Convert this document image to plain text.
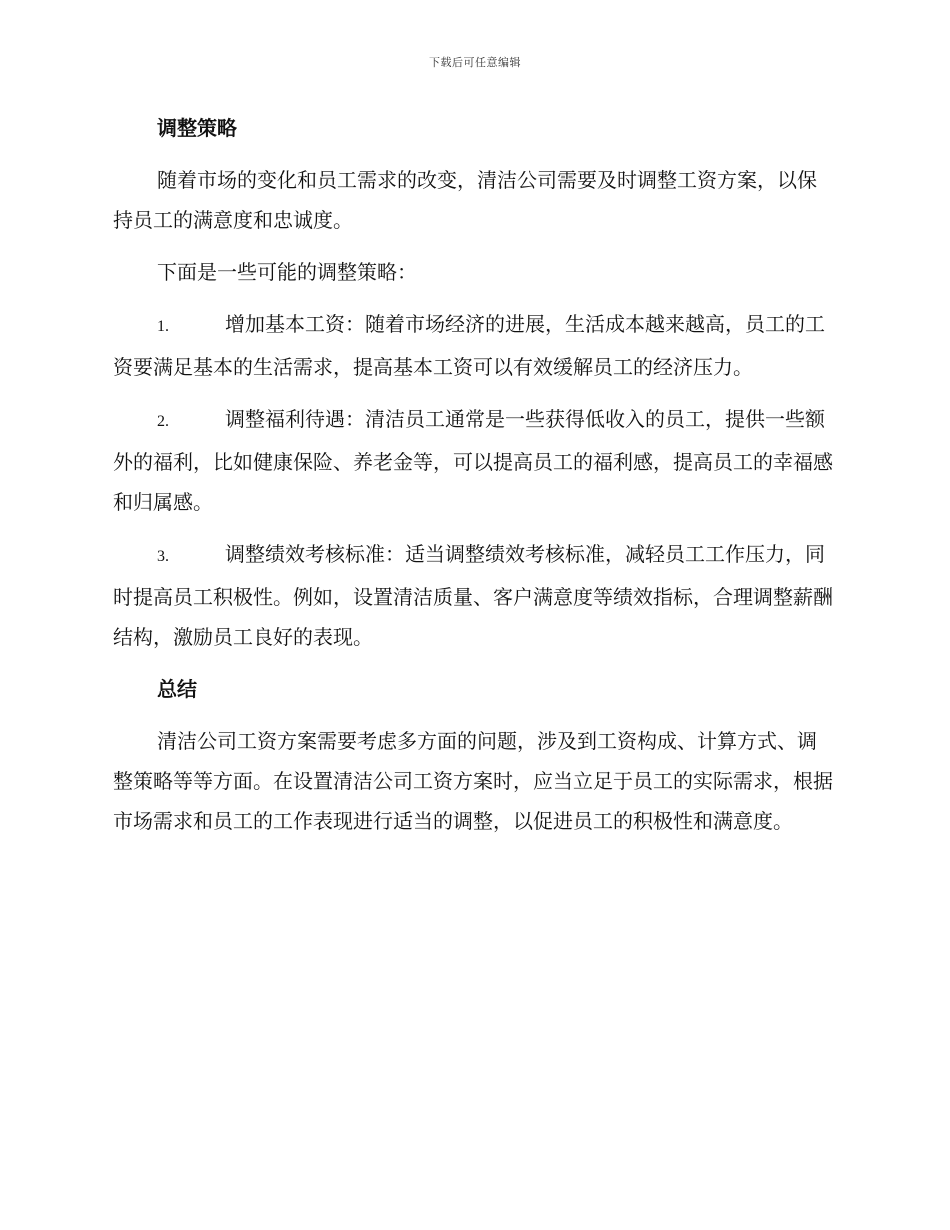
下载后可任意编辑
调整策略

随着市场的变化和员工需求的改变，清洁公司需要及时调整工资方案，以保持员工的满意度和忠诚度。

下面是一些可能的调整策略：

1.	增加基本工资：随着市场经济的进展，生活成本越来越高，员工的工资要满足基本的生活需求，提高基本工资可以有效缓解员工的经济压力。

2.	调整福利待遇：清洁员工通常是一些获得低收入的员工，提供一些额外的福利，比如健康保险、养老金等，可以提高员工的福利感，提高员工的幸福感和归属感。

3.	调整绩效考核标准：适当调整绩效考核标准，减轻员工工作压力，同时提高员工积极性。例如，设置清洁质量、客户满意度等绩效指标，合理调整薪酬结构，激励员工良好的表现。

总结

清洁公司工资方案需要考虑多方面的问题，涉及到工资构成、计算方式、调整策略等等方面。在设置清洁公司工资方案时，应当立足于员工的实际需求，根据市场需求和员工的工作表现进行适当的调整，以促进员工的积极性和满意度。
